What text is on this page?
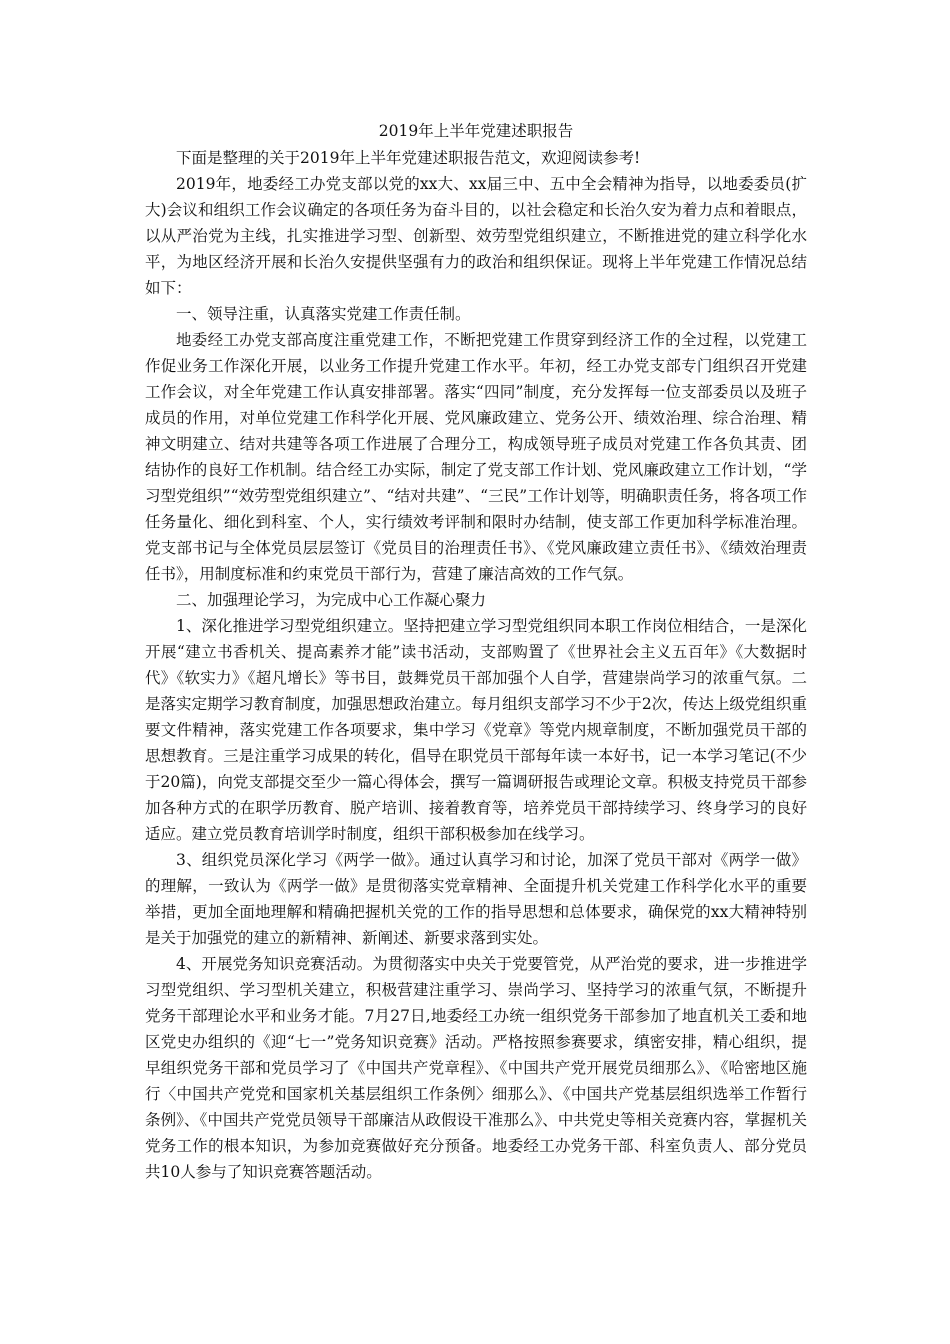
2019年上半年党建述职报告

下面是整理的关于2019年上半年党建述职报告范文，欢迎阅读参考!

2019年，地委经工办党支部以党的xx大、xx届三中、五中全会精神为指导，以地委委员(扩大)会议和组织工作会议确定的各项任务为奋斗目的，以社会稳定和长治久安为着力点和着眼点，以从严治党为主线，扎实推进学习型、创新型、效劳型党组织建立，不断推进党的建立科学化水平，为地区经济开展和长治久安提供坚强有力的政治和组织保证。现将上半年党建工作情况总结如下：

一、领导注重，认真落实党建工作责任制。

地委经工办党支部高度注重党建工作，不断把党建工作贯穿到经济工作的全过程，以党建工作促业务工作深化开展，以业务工作提升党建工作水平。年初，经工办党支部专门组织召开党建工作会议，对全年党建工作认真安排部署。落实“四同”制度，充分发挥每一位支部委员以及班子成员的作用，对单位党建工作科学化开展、党风廉政建立、党务公开、绩效治理、综合治理、精神文明建立、结对共建等各项工作进展了合理分工，构成领导班子成员对党建工作各负其责、团结协作的良好工作机制。结合经工办实际，制定了党支部工作计划、党风廉政建立工作计划，“学习型党组织”“效劳型党组织建立”、“结对共建”、“三民”工作计划等，明确职责任务，将各项工作任务量化、细化到科室、个人，实行绩效考评制和限时办结制，使支部工作更加科学标准治理。党支部书记与全体党员层层签订《党员目的治理责任书》、《党风廉政建立责任书》、《绩效治理责任书》，用制度标准和约束党员干部行为，营建了廉洁高效的工作气氛。

二、加强理论学习，为完成中心工作凝心聚力

1、深化推进学习型党组织建立。坚持把建立学习型党组织同本职工作岗位相结合，一是深化开展“建立书香机关、提高素养才能”读书活动，支部购置了《世界社会主义五百年》《大数据时代》《软实力》《超凡增长》等书目，鼓舞党员干部加强个人自学，营建崇尚学习的浓重气氛。二是落实定期学习教育制度，加强思想政治建立。每月组织支部学习不少于2次，传达上级党组织重要文件精神，落实党建工作各项要求，集中学习《党章》等党内规章制度，不断加强党员干部的思想教育。三是注重学习成果的转化，倡导在职党员干部每年读一本好书，记一本学习笔记(不少于20篇)，向党支部提交至少一篇心得体会，撰写一篇调研报告或理论文章。积极支持党员干部参加各种方式的在职学历教育、脱产培训、接着教育等，培养党员干部持续学习、终身学习的良好适应。建立党员教育培训学时制度，组织干部积极参加在线学习。

3、组织党员深化学习《两学一做》。通过认真学习和讨论，加深了党员干部对《两学一做》的理解，一致认为《两学一做》是贯彻落实党章精神、全面提升机关党建工作科学化水平的重要举措，更加全面地理解和精确把握机关党的工作的指导思想和总体要求，确保党的xx大精神特别是关于加强党的建立的新精神、新阐述、新要求落到实处。

4、开展党务知识竞赛活动。为贯彻落实中央关于党要管党，从严治党的要求，进一步推进学习型党组织、学习型机关建立，积极营建注重学习、崇尚学习、坚持学习的浓重气氛，不断提升党务干部理论水平和业务才能。7月27日,地委经工办统一组织党务干部参加了地直机关工委和地区党史办组织的《迎“七一”党务知识竞赛》活动。严格按照参赛要求，缜密安排，精心组织，提早组织党务干部和党员学习了《中国共产党章程》、《中国共产党开展党员细那么》、《哈密地区施行〈中国共产党党和国家机关基层组织工作条例〉细那么》、《中国共产党基层组织选举工作暂行条例》、《中国共产党党员领导干部廉洁从政假设干准那么》、中共党史等相关竞赛内容，掌握机关党务工作的根本知识，为参加竞赛做好充分预备。地委经工办党务干部、科室负责人、部分党员共10人参与了知识竞赛答题活动。
